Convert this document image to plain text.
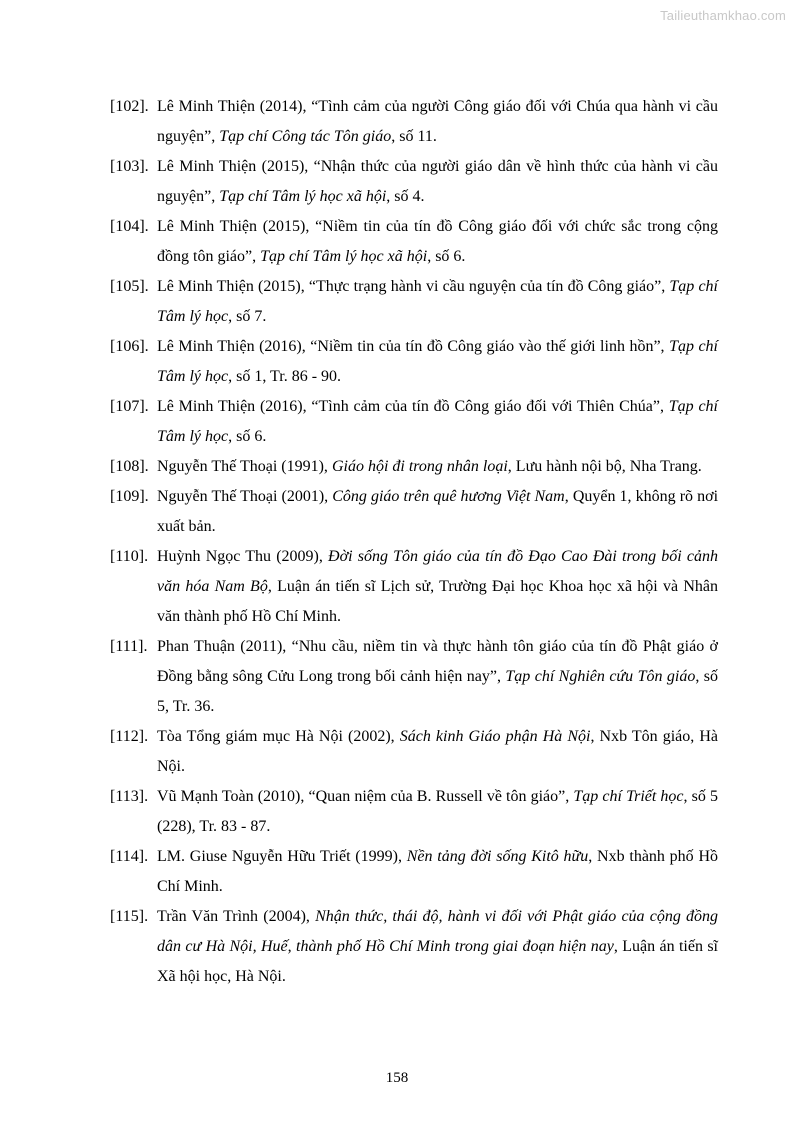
Tailieuthamkhao.com
[102]. Lê Minh Thiện (2014), “Tình cảm của người Công giáo đối với Chúa qua hành vi cầu nguyện”, Tạp chí Công tác Tôn giáo, số 11.
[103]. Lê Minh Thiện (2015), “Nhận thức của người giáo dân về hình thức của hành vi cầu nguyện”, Tạp chí Tâm lý học xã hội, số 4.
[104]. Lê Minh Thiện (2015), “Niềm tin của tín đồ Công giáo đối với chức sắc trong cộng đồng tôn giáo”, Tạp chí Tâm lý học xã hội, số 6.
[105]. Lê Minh Thiện (2015), “Thực trạng hành vi cầu nguyện của tín đồ Công giáo”, Tạp chí Tâm lý học, số 7.
[106]. Lê Minh Thiện (2016), “Niềm tin của tín đồ Công giáo vào thế giới linh hồn”, Tạp chí Tâm lý học, số 1, Tr. 86 - 90.
[107]. Lê Minh Thiện (2016), “Tình cảm của tín đồ Công giáo đối với Thiên Chúa”, Tạp chí Tâm lý học, số 6.
[108]. Nguyễn Thế Thoại (1991), Giáo hội đi trong nhân loại, Lưu hành nội bộ, Nha Trang.
[109]. Nguyễn Thế Thoại (2001), Công giáo trên quê hương Việt Nam, Quyển 1, không rõ nơi xuất bản.
[110]. Huỳnh Ngọc Thu (2009), Đời sống Tôn giáo của tín đồ Đạo Cao Đài trong bối cảnh văn hóa Nam Bộ, Luận án tiến sĩ Lịch sử, Trường Đại học Khoa học xã hội và Nhân văn thành phố Hồ Chí Minh.
[111]. Phan Thuận (2011), “Nhu cầu, niềm tin và thực hành tôn giáo của tín đồ Phật giáo ở Đồng bằng sông Cửu Long trong bối cảnh hiện nay”, Tạp chí Nghiên cứu Tôn giáo, số 5, Tr. 36.
[112]. Tòa Tổng giám mục Hà Nội (2002), Sách kinh Giáo phận Hà Nội, Nxb Tôn giáo, Hà Nội.
[113]. Vũ Mạnh Toàn (2010), “Quan niệm của B. Russell về tôn giáo”, Tạp chí Triết học, số 5 (228), Tr. 83 - 87.
[114]. LM. Giuse Nguyễn Hữu Triết (1999), Nền tảng đời sống Kitô hữu, Nxb thành phố Hồ Chí Minh.
[115]. Trần Văn Trình (2004), Nhận thức, thái độ, hành vi đối với Phật giáo của cộng đồng dân cư Hà Nội, Huế, thành phố Hồ Chí Minh trong giai đoạn hiện nay, Luận án tiến sĩ Xã hội học, Hà Nội.
158
